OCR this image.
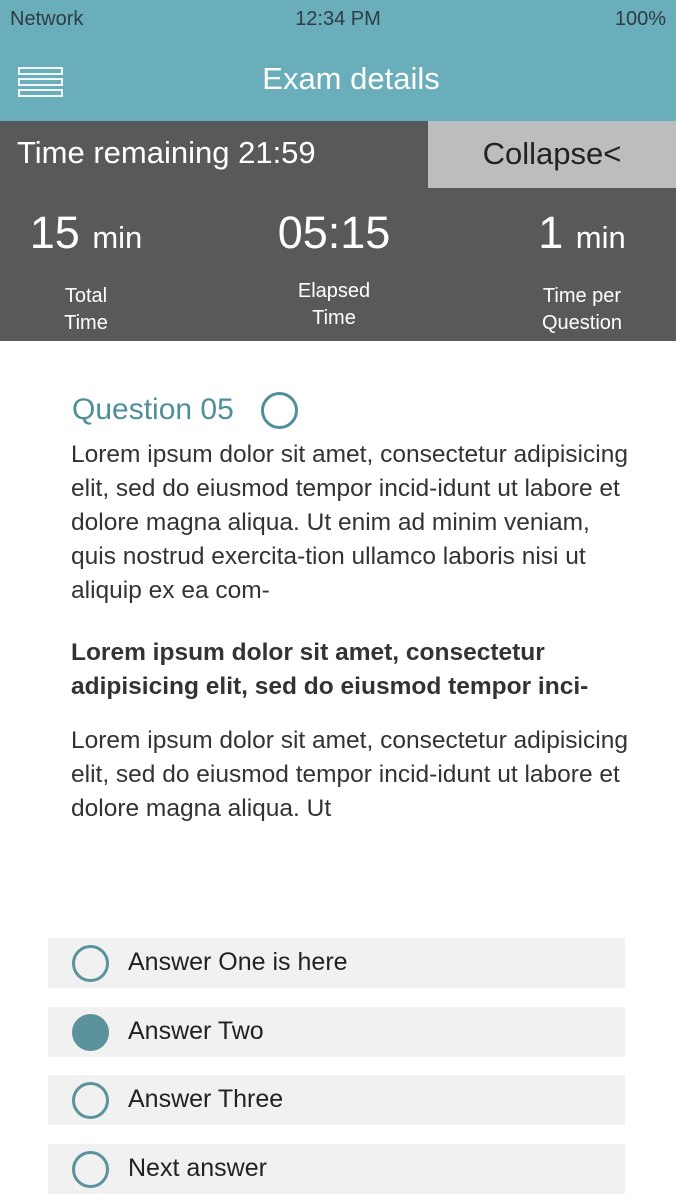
Network	12:34 PM	100%
Exam details
Time remaining 21:59	Collapse<
15 min
Total
Time
05:15
Elapsed
Time
1 min
Time per
Question
Question 05

Lorem ipsum dolor sit amet, consectetur adipisicing elit, sed do eiusmod tempor incid-idunt ut labore et dolore magna aliqua. Ut enim ad minim veniam, quis nostrud exercita-tion ullamco laboris nisi ut aliquip ex ea com-

Lorem ipsum dolor sit amet, consectetur adipisicing elit, sed do eiusmod tempor inci-

Lorem ipsum dolor sit amet, consectetur adipisicing elit, sed do eiusmod tempor incid-idunt ut labore et dolore magna aliqua. Ut

Answer One is here
Answer Two
Answer Three
Next answer
